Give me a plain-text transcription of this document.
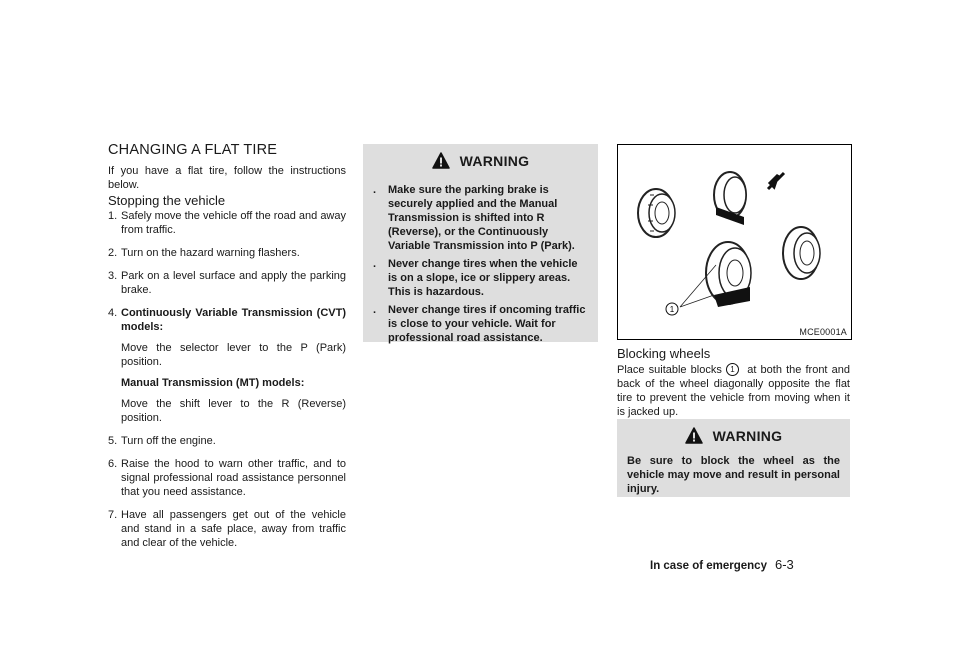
CHANGING A FLAT TIRE

If you have a flat tire, follow the instructions below.

Stopping the vehicle
1. Safely move the vehicle off the road and away from traffic.
2. Turn on the hazard warning flashers.
3. Park on a level surface and apply the parking brake.
4. Continuously Variable Transmission (CVT) models:
Move the selector lever to the P (Park) position.
Manual Transmission (MT) models:
Move the shift lever to the R (Reverse) position.
5. Turn off the engine.
6. Raise the hood to warn other traffic, and to signal professional road assistance personnel that you need assistance.
7. Have all passengers get out of the vehicle and stand in a safe place, away from traffic and clear of the vehicle.
WARNING
. Make sure the parking brake is securely applied and the Manual Transmission is shifted into R (Reverse), or the Continuously Variable Transmission into P (Park).
. Never change tires when the vehicle is on a slope, ice or slippery areas. This is hazardous.
. Never change tires if oncoming traffic is close to your vehicle. Wait for professional road assistance.
1
MCE0001A
Blocking wheels

Place suitable blocks 1 at both the front and back of the wheel diagonally opposite the flat tire to prevent the vehicle from moving when it is jacked up.

WARNING

Be sure to block the wheel as the vehicle may move and result in personal injury.

In case of emergency 6-3
